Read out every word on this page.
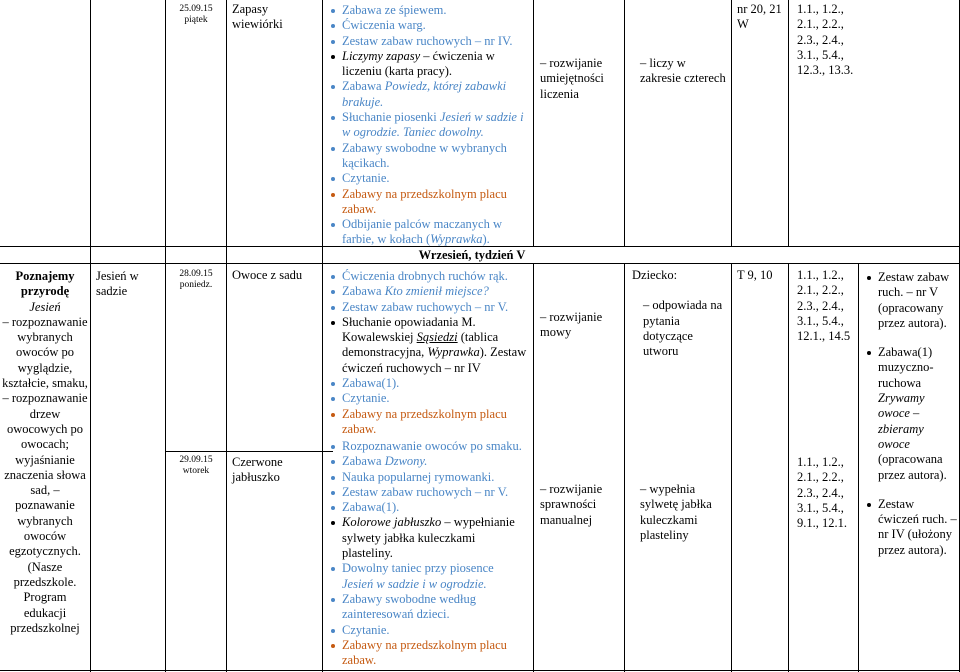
25.09.15
piątek
Zapasy
wiewiórki
Zabawa ze śpiewem.
Ćwiczenia warg.
Zestaw zabaw ruchowych – nr IV.
Liczymy zapasy – ćwiczenia w liczeniu (karta pracy).
Zabawa Powiedz, której zabawki brakuje.
Słuchanie piosenki Jesień w sadzie i w ogrodzie. Taniec dowolny.
Zabawy swobodne w wybranych kącikach.
Czytanie.
Zabawy na przedszkolnym placu zabaw.
Odbijanie palców maczanych w farbie, w kołach (Wyprawka).
– rozwijanie umiejętności liczenia
– liczy w zakresie czterech
nr 20, 21 W
1.1., 1.2., 2.1., 2.2., 2.3., 2.4., 3.1., 5.4., 12.3., 13.3.
Wrzesień, tydzień V
Poznajemy
przyrodę
Jesień
– rozpoznawanie wybranych owoców po wyglądzie, kształcie, smaku, – rozpoznawanie drzew owocowych po owocach; wyjaśnianie znaczenia słowa sad, – poznawanie wybranych owoców egzotycznych. (Nasze przedszkole. Program edukacji przedszkolnej
Jesień w
sadzie
28.09.15
poniedz.
Owoce z sadu	Ćwiczenia drobnych ruchów rąk.
Zabawa Kto zmienił miejsce?
Zestaw zabaw ruchowych – nr V.
Słuchanie opowiadania M. Kowalewskiej Sąsiedzi (tablica demonstracyjna, Wyprawka). Zestaw ćwiczeń ruchowych – nr IV
Zabawa(1).
Czytanie.
Zabawy na przedszkolnym placu zabaw.
– rozwijanie mowy
Dziecko:
– odpowiada na pytania dotyczące utworu
T 9, 10	1.1., 1.2., 2.1., 2.2., 2.3., 2.4., 3.1., 5.4., 12.1., 14.5
Zestaw zabaw ruch. – nr V (opracowany przez autora).
Zabawa(1) muzyczno-ruchowa Zrywamy owoce – zbieramy owoce (opracowana przez autora).
Zestaw ćwiczeń ruch. – nr IV (ułożony przez autora).
29.09.15
wtorek
Czerwone
jabłuszko
Rozpoznawanie owoców po smaku.
Zabawa Dzwony.
Nauka popularnej rymowanki.
Zestaw zabaw ruchowych – nr V.
Zabawa(1).
Kolorowe jabłuszko – wypełnianie sylwety jabłka kuleczkami plasteliny.
Dowolny taniec przy piosence Jesień w sadzie i w ogrodzie.
Zabawy swobodne według zainteresowań dzieci.
Czytanie.
Zabawy na przedszkolnym placu zabaw.
– rozwijanie sprawności manualnej
– wypełnia sylwetę jabłka kuleczkami plasteliny
1.1., 1.2., 2.1., 2.2., 2.3., 2.4., 3.1., 5.4., 9.1., 12.1.
